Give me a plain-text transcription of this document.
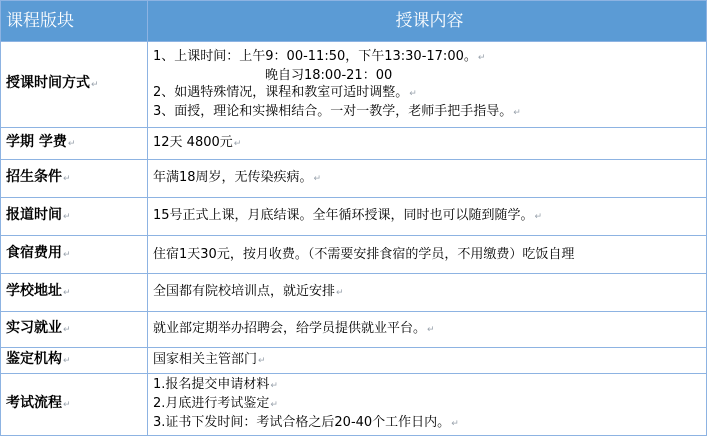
课程版块	授课内容
授课时间方式↵	1、上课时间：上午9：00-11:50，下午13:30-17:00。↵
晚自习18:00-21：00
2、如遇特殊情况，课程和教室可适时调整。↵
3、面授，理论和实操相结合。一对一教学，老师手把手指导。↵

学期 学费↵	12天 4800元↵
招生条件↵	年满18周岁，无传染疾病。↵
报道时间↵	15号正式上课，月底结课。全年循环授课，同时也可以随到随学。↵
食宿费用↵	住宿1天30元，按月收费。（不需要安排食宿的学员，不用缴费）吃饭自理
学校地址↵	全国都有院校培训点，就近安排↵
实习就业↵	就业部定期举办招聘会，给学员提供就业平台。↵
鉴定机构↵	国家相关主管部门↵
考试流程↵	1.报名提交申请材料↵
2.月底进行考试鉴定↵
3.证书下发时间：考试合格之后20-40个工作日内。↵
